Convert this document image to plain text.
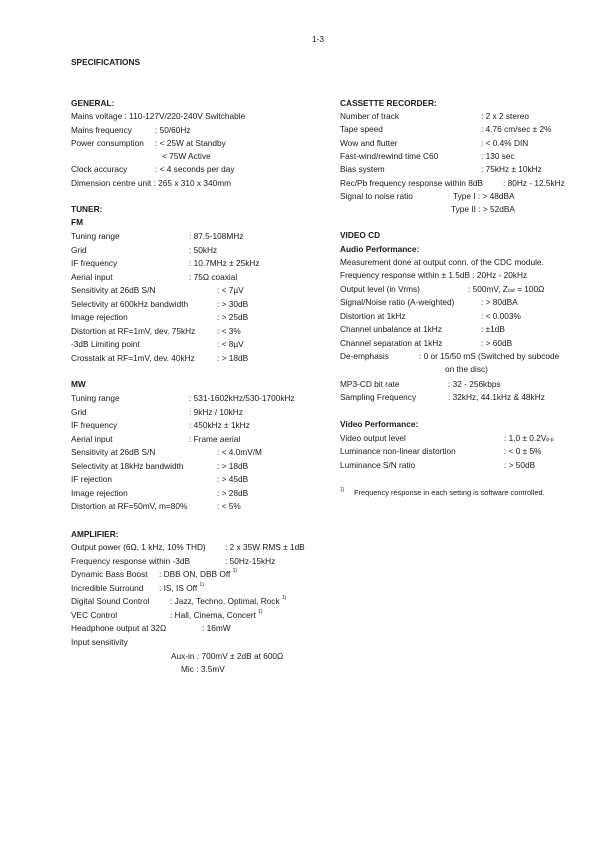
1-3
SPECIFICATIONS
GENERAL:
Mains voltage : 110-127V/220-240V Switchable
Mains frequency	: 50/60Hz
Power consumption : < 25W at Standby
< 75W Active
Clock accuracy	: < 4 seconds per day
Dimension centre unit : 265 x 310 x 340mm
TUNER:
FM
Tuning range	: 87.5-108MHz
Grid	: 50kHz
IF frequency	: 10.7MHz ± 25kHz
Aerial input	: 75Ω coaxial
Sensitivity at 26dB S/N	: < 7µV
Selectivity at 600kHz bandwidth	: > 30dB
Image rejection	: > 25dB
Distortion at RF=1mV, dev. 75kHz	: < 3%
-3dB Limiting point	: < 8µV
Crosstalk at RF=1mV, dev. 40kHz	: > 18dB
MW
Tuning range	: 531-1602kHz/530-1700kHz
Grid	: 9kHz / 10kHz
IF frequency	: 450kHz ± 1kHz
Aerial input	: Frame aerial
Sensitivity at 26dB S/N	: < 4.0mV/M
Selectivity at 18kHz bandwidth	: > 18dB
IF rejection	: > 45dB
Image rejection	: > 28dB
Distortion at RF=50mV, m=80%	: < 5%
AMPLIFIER:
Output power (6Ω, 1 kHz, 10% THD) : 2 x 35W RMS ± 1dB
Frequency response within -3dB	: 50Hz-15kHz
Dynamic Bass Boost : DBB ON, DBB Off $^{1)}$
Incredible Surround : IS, IS Off $^{1)}$
Digital Sound Control : Jazz, Techno, Optimal, Rock $^{1)}$
VEC Control	: Hall, Cinema, Concert $^{1)}$
Headphone output at 32Ω	: 16mW
Input sensitivity
Aux-in : 700mV ± 2dB at 600Ω
Mic : 3.5mV
CASSETTE RECORDER:
Number of track	: 2 x 2 stereo
Tape speed	: 4.76 cm/sec ± 2%
Wow and flutter	: < 0.4% DIN
Fast-wind/rewind time C60	: 130 sec
Bias system	: 75kHz ± 10kHz
Rec/Pb frequency response within 8dB : 80Hz - 12.5kHz
Signal to noise ratio	Type I : > 48dBA
Type II : > 52dBA
VIDEO CD
Audio Performance:
Measurement done at output conn. of the CDC module.
Frequency response within ± 1.5dB : 20Hz - 20kHz
Output level (in Vrms)	: 500mV, $Z_{out} = 100\Omega$
Signal/Noise ratio (A-weighted)	: > 80dBA
Distortion at 1kHz	: < 0.003%
Channel unbalance at 1kHz	: ±1dB
Channel separation at 1kHz	: > 60dB
De-emphasis	: 0 or 15/50 mS (Switched by subcode
on the disc)
MP3-CD bit rate	: 32 - 256kbps
Sampling Frequency	: 32kHz, 44.1kHz & 48kHz
Video Performance:
Video output level	: $1.0 \pm 0.2V_{p-p}$
Luminance non-linear distortion	: < 0 ± 5%
Luminance S/N ratio	: > 50dB
1) Frequency response in each setting is software controlled.
